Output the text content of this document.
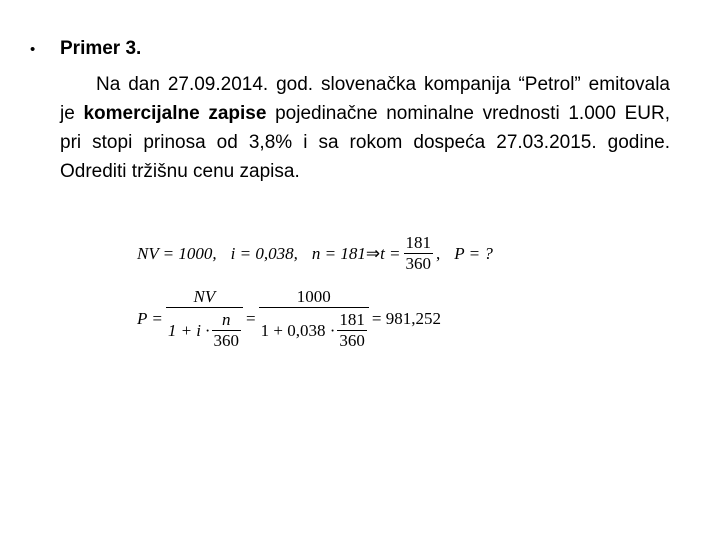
•	Primer 3.
Na dan 27.09.2014. god. slovenačka kompanija “Petrol” emitovala je komercijalne zapise pojedinačne nominalne vrednosti 1.000 EUR, pri stopi prinosa od 3,8% i sa rokom dospeća 27.03.2015. godine. Odrediti tržišnu cenu zapisa.
NV = 1000, i = 0,038, n = 181 ⇒ $t = \frac{181}{360}$ , P = ?
$P = \frac{NV}{1 + i \cdot \frac{n}{360}} = \frac{1000}{1 + 0,038 \cdot \frac{181}{360}} = 981,252$
